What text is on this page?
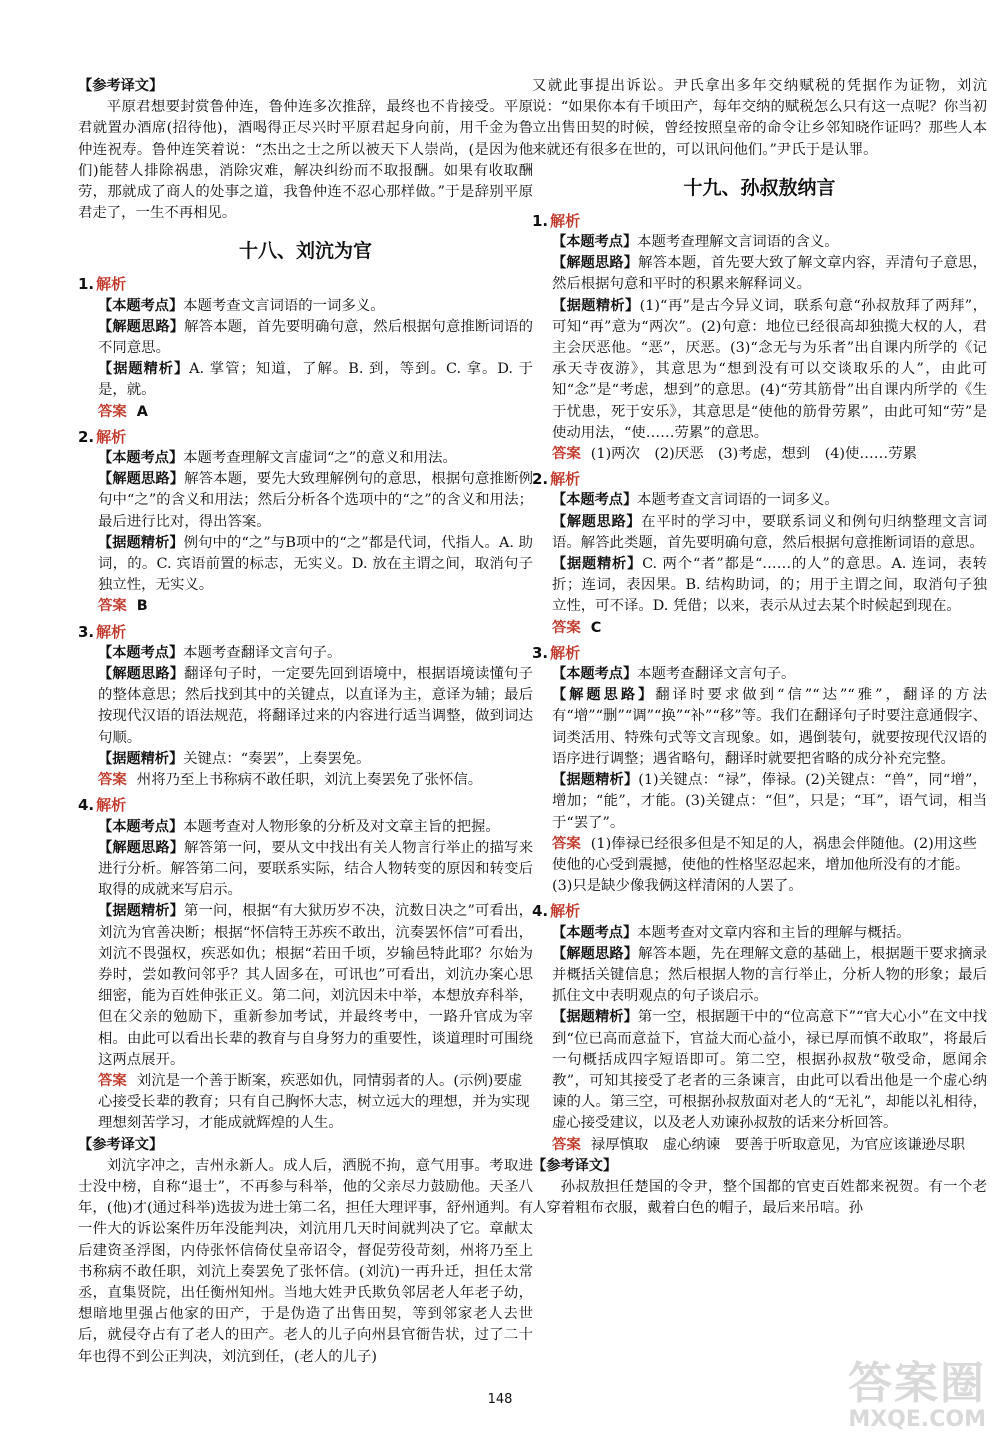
【参考译文】
平原君想要封赏鲁仲连，鲁仲连多次推辞，最终也不肯接受。平原君就置办酒席(招待他)，酒喝得正尽兴时平原君起身向前，用千金为鲁仲连祝寿。鲁仲连笑着说：“杰出之士之所以被天下人崇尚，(是因为他们)能替人排除祸患，消除灾难，解决纠纷而不取报酬。如果有收取酬劳，那就成了商人的处事之道，我鲁仲连不忍心那样做。”于是辞别平原君走了，一生不再相见。
十八、刘沆为官
1. 解析
【本题考点】本题考查文言词语的一词多义。
【解题思路】解答本题，首先要明确句意，然后根据句意推断词语的不同意思。
【据题精析】A. 掌管；知道，了解。B. 到，等到。C. 拿。D. 于是，就。
答案 A
2. 解析
【本题考点】本题考查理解文言虚词“之”的意义和用法。
【解题思路】解答本题，要先大致理解例句的意思，根据句意推断例句中“之”的含义和用法；然后分析各个选项中的“之”的含义和用法；最后进行比对，得出答案。
【据题精析】例句中的“之”与B项中的“之”都是代词，代指人。A. 助词，的。C. 宾语前置的标志，无实义。D. 放在主谓之间，取消句子独立性，无实义。
答案 B
3. 解析
【本题考点】本题考查翻译文言句子。
【解题思路】翻译句子时，一定要先回到语境中，根据语境读懂句子的整体意思；然后找到其中的关键点，以直译为主，意译为辅；最后按现代汉语的语法规范，将翻译过来的内容进行适当调整，做到词达句顺。
【据题精析】关键点：“奏罢”，上奏罢免。
答案 州将乃至上书称病不敢任职，刘沆上奏罢免了张怀信。
4. 解析
【本题考点】本题考查对人物形象的分析及对文章主旨的把握。
【解题思路】解答第一问，要从文中找出有关人物言行举止的描写来进行分析。解答第二问，要联系实际，结合人物转变的原因和转变后取得的成就来写启示。
【据题精析】第一问，根据“有大狱历岁不决，沆数日决之”可看出，刘沆为官善决断；根据“怀信特王苏疾不敢出，沆奏罢怀信”可看出，刘沆不畏强权，疾恶如仇；根据“若田千顷，岁输邑特此耶？尔始为券时，尝如教问邻乎？其人固多在，可讯也”可看出，刘沆办案心思细密，能为百姓伸张正义。第二问，刘沆因未中举，本想放弃科举，但在父亲的勉励下，重新参加考试，并最终考中，一路升官成为宰相。由此可以看出长辈的教育与自身努力的重要性，谈道理时可围绕这两点展开。
答案 刘沆是一个善于断案，疾恶如仇，同情弱者的人。(示例)要虚心接受长辈的教育；只有自己胸怀大志，树立远大的理想，并为实现理想刻苦学习，才能成就辉煌的人生。
【参考译文】
刘沆字冲之，吉州永新人。成人后，洒脱不拘，意气用事。考取进士没中榜，自称“退士”，不再参与科举，他的父亲尽力鼓励他。天圣八年，(他)才(通过科举)选拔为进士第二名，担任大理评事，舒州通判。有一件大的诉讼案件历年没能判决，刘沆用几天时间就判决了它。章献太后建资圣浮图，内侍张怀信倚仗皇帝诏令，督促劳役苛刻，州将乃至上书称病不敢任职，刘沆上奏罢免了张怀信。(刘沆)一再升迁，担任太常丞，直集贤院，出任衡州知州。当地大姓尹氏欺负邻居老人年老子幼，想暗地里强占他家的田产，于是伪造了出售田契，等到邻家老人去世后，就侵夺占有了老人的田产。老人的儿子向州县官衙告状，过了二十年也得不到公正判决，刘沆到任，(老人的儿子)
又就此事提出诉讼。尹氏拿出多年交纳赋税的凭据作为证物，刘沆说：“如果你本有千顷田产，每年交纳的赋税怎么只有这一点呢？你当初立出售田契的时候，曾经按照皇帝的命令让乡邻知晓作证吗？那些人本来就还有很多在世的，可以讯问他们。”尹氏于是认罪。
十九、孙叔敖纳言
1. 解析
【本题考点】本题考查理解文言词语的含义。
【解题思路】解答本题，首先要大致了解文章内容，弄清句子意思，然后根据句意和平时的积累来解释词义。
【据题精析】(1)“再”是古今异义词，联系句意“孙叔敖拜了两拜”，可知“再”意为“两次”。(2)句意：地位已经很高却独揽大权的人，君主会厌恶他。“恶”，厌恶。(3)“念无与为乐者”出自课内所学的《记承天寺夜游》，其意思为“想到没有可以交谈取乐的人”，由此可知“念”是“考虑，想到”的意思。(4)“劳其筋骨”出自课内所学的《生于忧患，死于安乐》，其意思是“使他的筋骨劳累”，由此可知“劳”是使动用法，“使……劳累”的意思。
答案 (1)两次　(2)厌恶　(3)考虑，想到　(4)使……劳累
2. 解析
【本题考点】本题考查文言词语的一词多义。
【解题思路】在平时的学习中，要联系词义和例句归纳整理文言词语。解答此类题，首先要明确句意，然后根据句意推断词语的意思。
【据题精析】C. 两个“者”都是“……的人”的意思。A. 连词，表转折；连词，表因果。B. 结构助词，的；用于主谓之间，取消句子独立性，可不译。D. 凭借；以来，表示从过去某个时候起到现在。
答案 C
3. 解析
【本题考点】本题考查翻译文言句子。
【解题思路】翻译时要求做到“信”“达”“雅”，翻译的方法有“增”“删”“调”“换”“补”“移”等。我们在翻译句子时要注意通假字、词类活用、特殊句式等文言现象。如，遇倒装句，就要按现代汉语的语序进行调整；遇省略句，翻译时就要把省略的成分补充完整。
【据题精析】(1)关键点：“禄”，俸禄。(2)关键点：“兽”，同“增”，增加；“能”，才能。(3)关键点：“但”，只是；“耳”，语气词，相当于“罢了”。
答案 (1)俸禄已经很多但是不知足的人，祸患会伴随他。(2)用这些使他的心受到震撼，使他的性格坚忍起来，增加他所没有的才能。(3)只是缺少像我俩这样清闲的人罢了。
4. 解析
【本题考点】本题考查对文章内容和主旨的理解与概括。
【解题思路】解答本题，先在理解文意的基础上，根据题干要求摘录并概括关键信息；然后根据人物的言行举止，分析人物的形象；最后抓住文中表明观点的句子谈启示。
【据题精析】第一空，根据题干中的“位高意下”“官大心小”在文中找到“位已高而意益下，官益大而心益小，禄已厚而慎不敢取”，将最后一句概括成四字短语即可。第二空，根据孙叔敖“敬受命，愿闻余教”，可知其接受了老者的三条谏言，由此可以看出他是一个虚心纳谏的人。第三空，可根据孙叔敖面对老人的“无礼”，却能以礼相待，虚心接受建议，以及老人劝谏孙叔敖的话来分析回答。
答案 禄厚慎取　虚心纳谏　要善于听取意见，为官应该谦逊尽职
【参考译文】
孙叔敖担任楚国的令尹，整个国都的官吏百姓都来祝贺。有一个老人穿着粗布衣服，戴着白色的帽子，最后来吊唁。孙
148	答案圈
MXQE.COM
